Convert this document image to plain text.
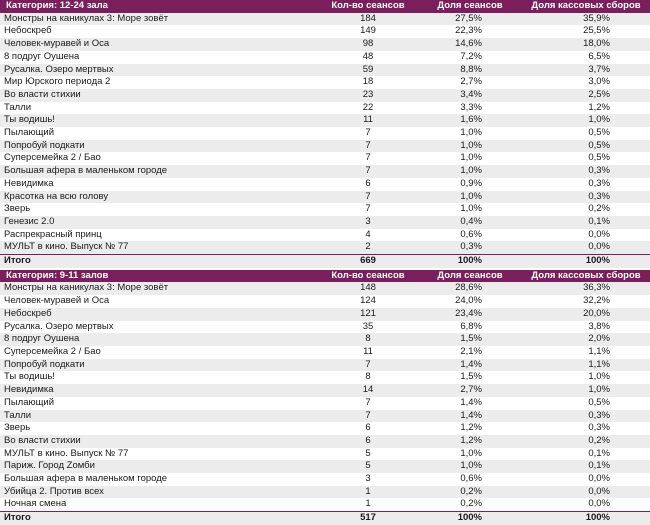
Категория: 12-24 зала	Кол-во сеансов	Доля сеансов	Доля кассовых сборов
Монстры на каникулах 3: Море зовёт	184	27,5%	35,9%
Небоскреб	149	22,3%	25,5%
Человек-муравей и Оса	98	14,6%	18,0%
8 подруг Оушена	48	7,2%	6,5%
Русалка. Озеро мертвых	59	8,8%	3,7%
Мир Юрского периода 2	18	2,7%	3,0%
Во власти стихии	23	3,4%	2,5%
Талли	22	3,3%	1,2%
Ты водишь!	11	1,6%	1,0%
Пылающий	7	1,0%	0,5%
Попробуй подкати	7	1,0%	0,5%
Суперсемейка 2 / Бао	7	1,0%	0,5%
Большая афера в маленьком городе	7	1,0%	0,3%
Невидимка	6	0,9%	0,3%
Красотка на всю голову	7	1,0%	0,3%
Зверь	7	1,0%	0,2%
Генезис 2.0	3	0,4%	0,1%
Распрекрасный принц	4	0,6%	0,0%
МУЛЬТ в кино. Выпуск № 77	2	0,3%	0,0%
Итого	669	100%	100%
Категория: 9-11 залов	Кол-во сеансов	Доля сеансов	Доля кассовых сборов
Монстры на каникулах 3: Море зовёт	148	28,6%	36,3%
Человек-муравей и Оса	124	24,0%	32,2%
Небоскреб	121	23,4%	20,0%
Русалка. Озеро мертвых	35	6,8%	3,8%
8 подруг Оушена	8	1,5%	2,0%
Суперсемейка 2 / Бао	11	2,1%	1,1%
Попробуй подкати	7	1,4%	1,1%
Ты водишь!	8	1,5%	1,0%
Невидимка	14	2,7%	1,0%
Пылающий	7	1,4%	0,5%
Талли	7	1,4%	0,3%
Зверь	6	1,2%	0,3%
Во власти стихии	6	1,2%	0,2%
МУЛЬТ в кино. Выпуск № 77	5	1,0%	0,1%
Париж. Город Zомби	5	1,0%	0,1%
Большая афера в маленьком городе	3	0,6%	0,0%
Убийца 2. Против всех	1	0,2%	0,0%
Ночная смена	1	0,2%	0,0%
Итого	517	100%	100%
